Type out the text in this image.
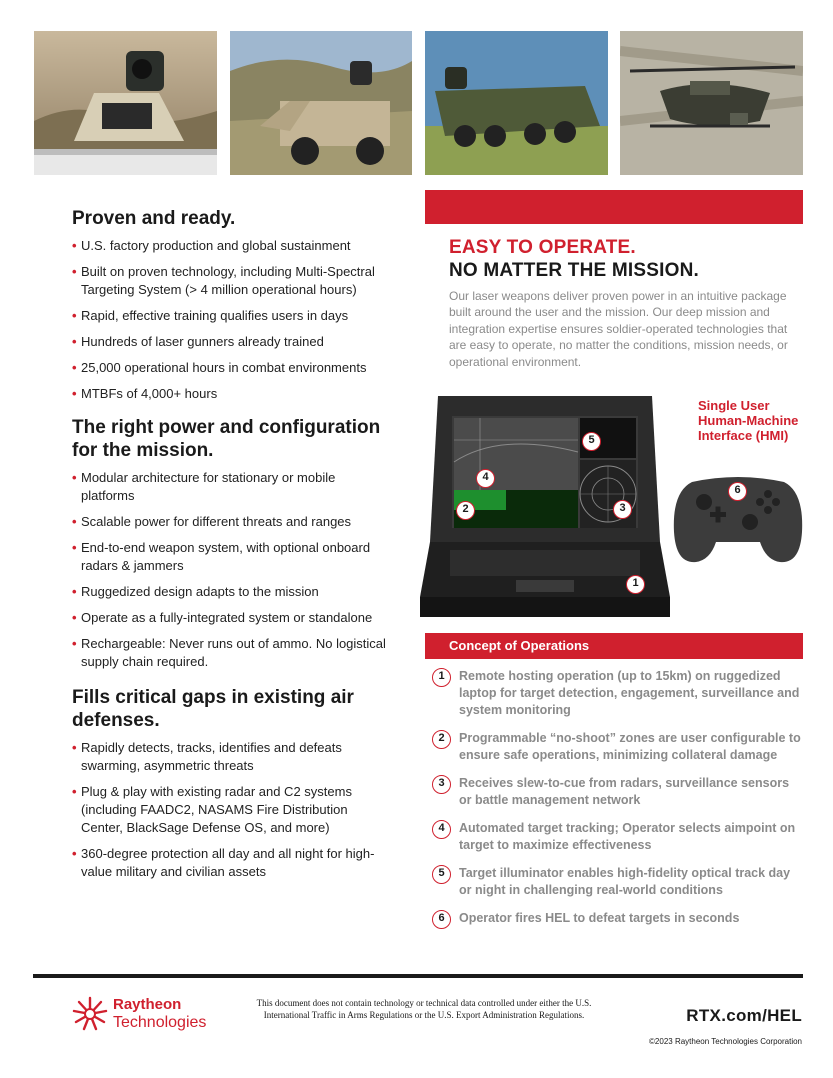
Proven and ready.
• U.S. factory production and global sustainment
• Built on proven technology, including Multi-Spectral Targeting System (> 4 million operational hours)
• Rapid, effective training qualifies users in days
• Hundreds of laser gunners already trained
• 25,000 operational hours in combat environments
• MTBFs of 4,000+ hours
The right power and configuration for the mission.
• Modular architecture for stationary or mobile platforms
• Scalable power for different threats and ranges
• End-to-end weapon system, with optional onboard radars & jammers
• Ruggedized design adapts to the mission
• Operate as a fully-integrated system or standalone
• Rechargeable: Never runs out of ammo. No logistical supply chain required.
Fills critical gaps in existing air defenses.
• Rapidly detects, tracks, identifies and defeats swarming, asymmetric threats
• Plug & play with existing radar and C2 systems (including FAADC2, NASAMS Fire Distribution Center, BlackSage Defense OS, and more)
• 360-degree protection all day and all night for high-value military and civilian assets
EASY TO OPERATE.
NO MATTER THE MISSION.

Our laser weapons deliver proven power in an intuitive package built around the user and the mission. Our deep mission and integration expertise ensures soldier-operated technologies that are easy to operate, no matter the conditions, mission needs, or operational environment.

5
4
2	3
1
Single User Human-Machine Interface (HMI)
6
Concept of Operations
1	Remote hosting operation (up to 15km) on ruggedized laptop for target detection, engagement, surveillance and system monitoring
2	Programmable “no-shoot” zones are user configurable to ensure safe operations, minimizing collateral damage
3	Receives slew-to-cue from radars, surveillance sensors or battle management network
4	Automated target tracking; Operator selects aimpoint on target to maximize effectiveness
5	Target illuminator enables high-fidelity optical track day or night in challenging real-world conditions
6	Operator fires HEL to defeat targets in seconds
Raytheon
Technologies
This document does not contain technology or technical data controlled under either the U.S. International Traffic in Arms Regulations or the U.S. Export Administration Regulations.	RTX.com/HEL
©2023 Raytheon Technologies Corporation
